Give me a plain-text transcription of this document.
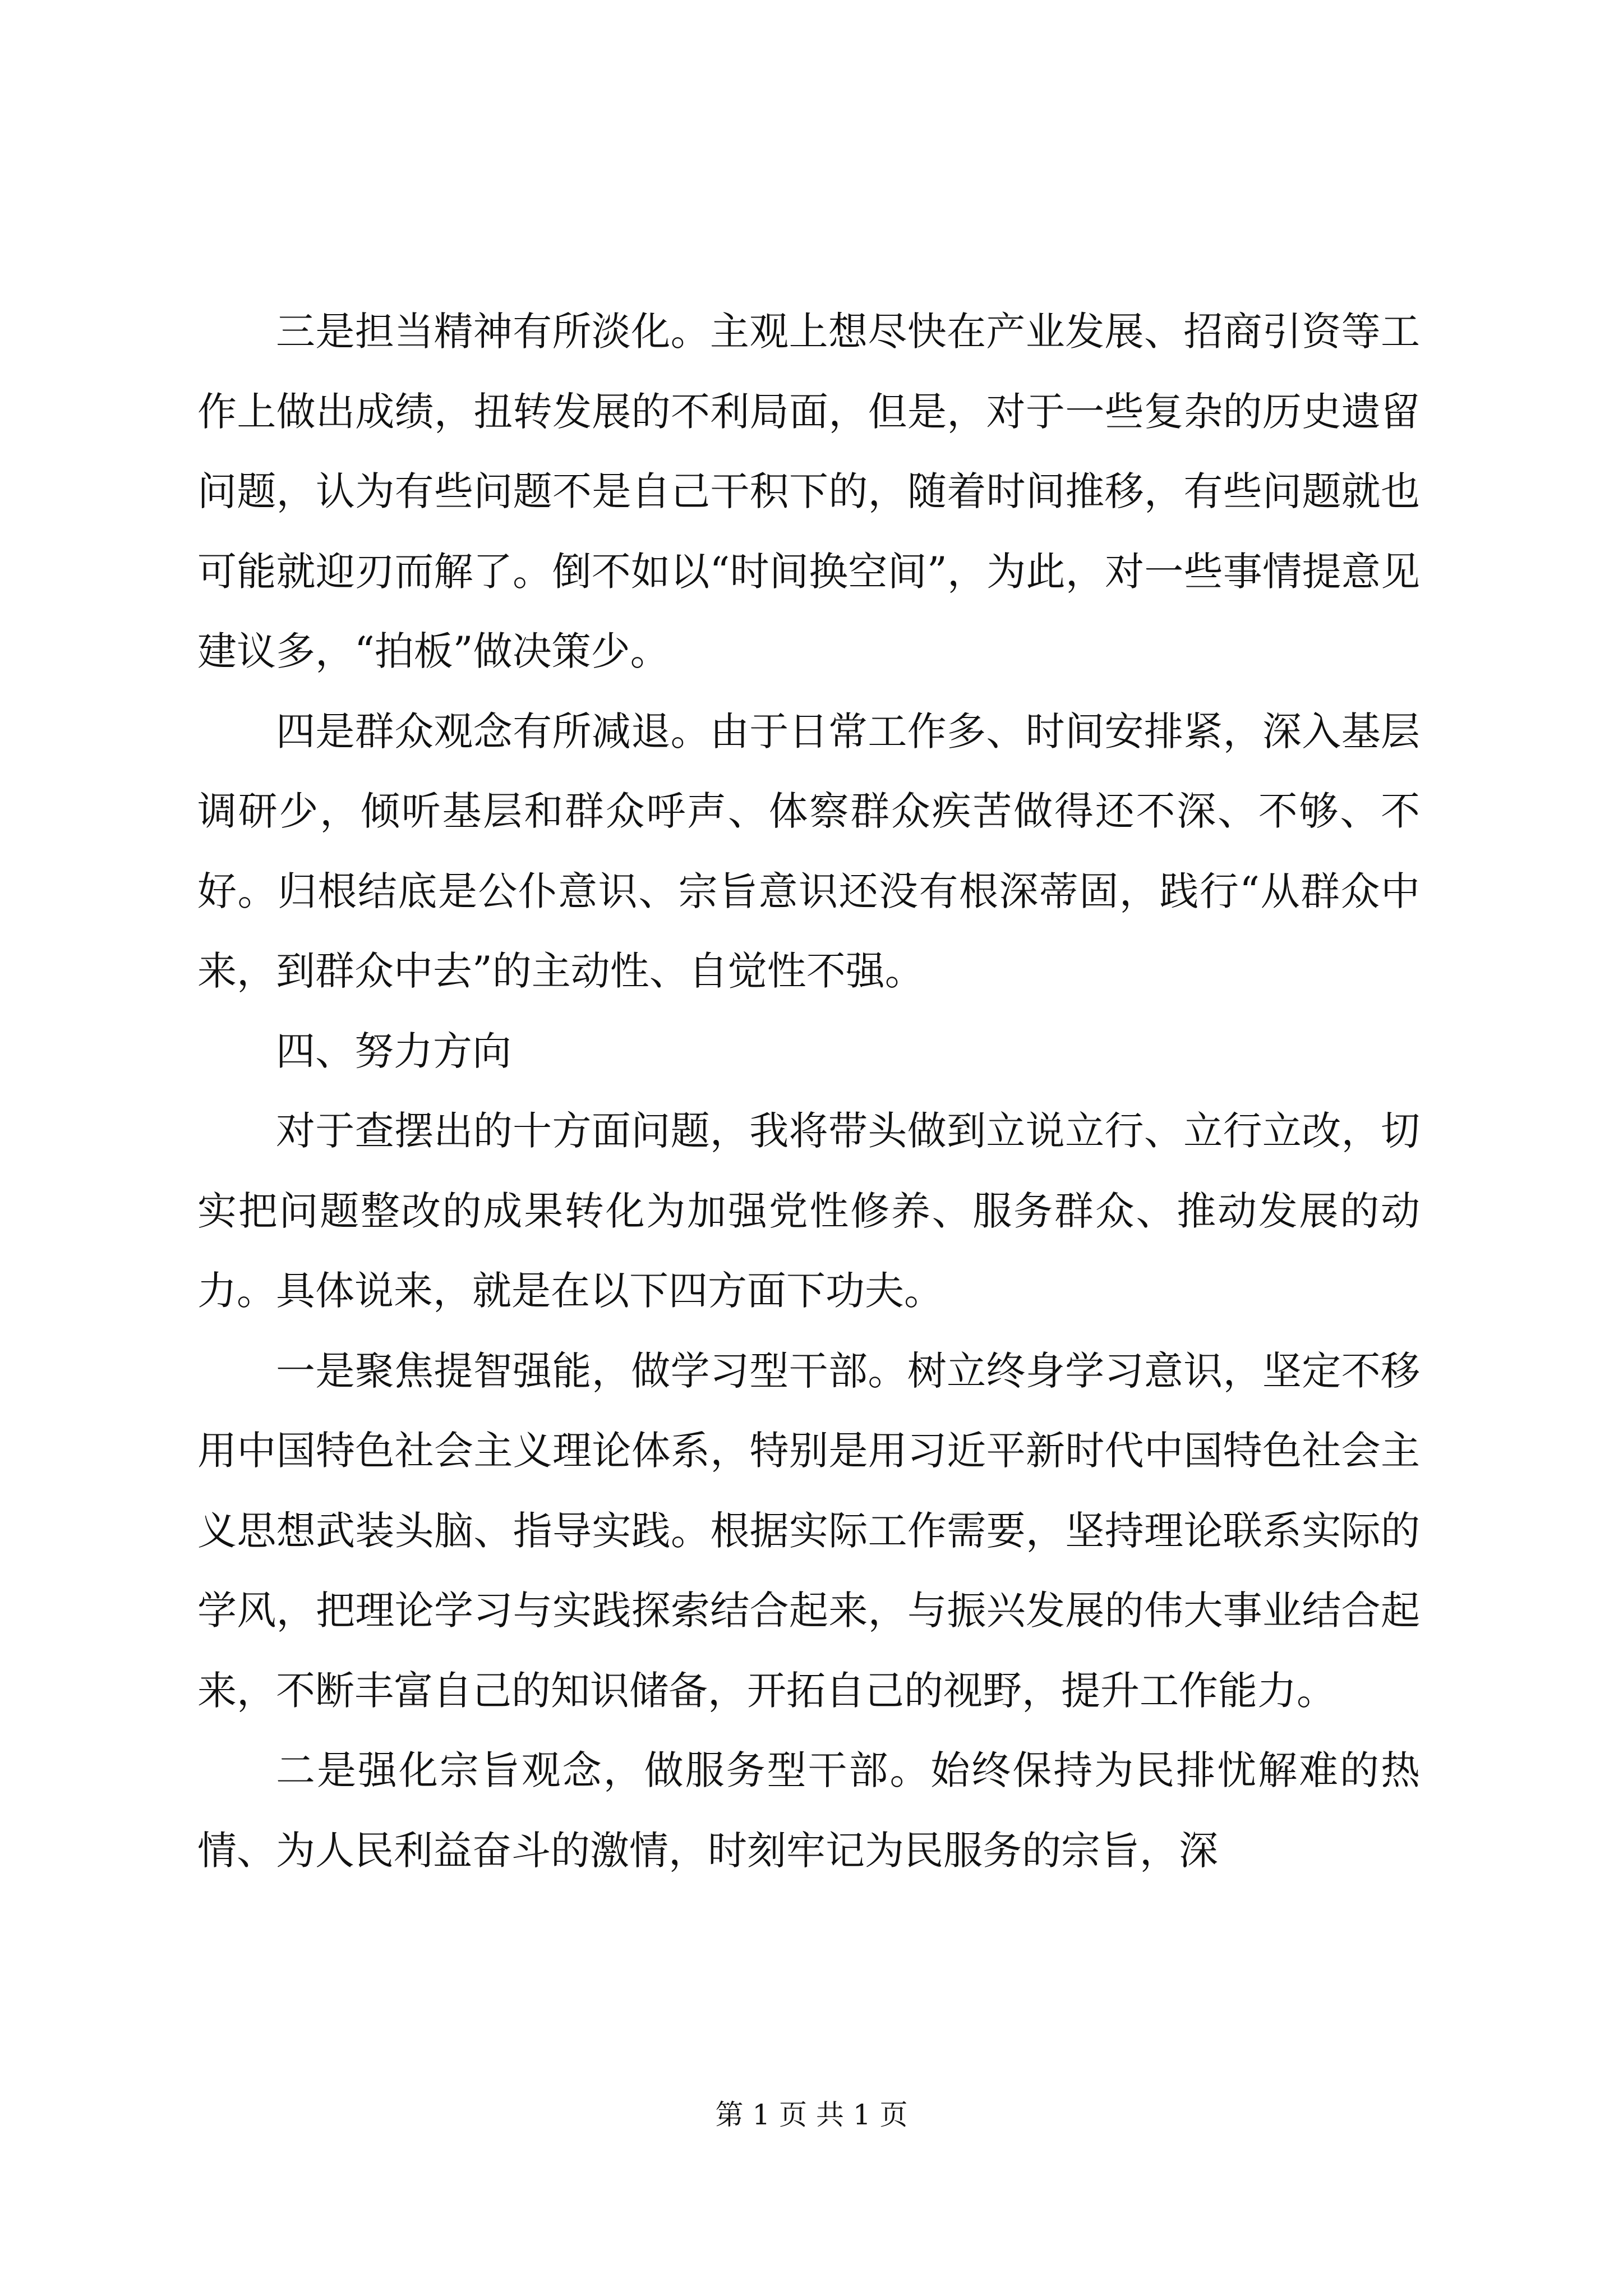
三是担当精神有所淡化。主观上想尽快在产业发展、招商引资等工作上做出成绩，扭转发展的不利局面，但是，对于一些复杂的历史遗留问题，认为有些问题不是自己干积下的，随着时间推移，有些问题就也可能就迎刃而解了。倒不如以“时间换空间”，为此，对一些事情提意见建议多，“拍板”做决策少。

四是群众观念有所减退。由于日常工作多、时间安排紧，深入基层调研少，倾听基层和群众呼声、体察群众疾苦做得还不深、不够、不好。归根结底是公仆意识、宗旨意识还没有根深蒂固，践行“从群众中来，到群众中去”的主动性、自觉性不强。

四、努力方向

对于查摆出的十方面问题，我将带头做到立说立行、立行立改，切实把问题整改的成果转化为加强党性修养、服务群众、推动发展的动力。具体说来，就是在以下四方面下功夫。

一是聚焦提智强能，做学习型干部。树立终身学习意识，坚定不移用中国特色社会主义理论体系，特别是用习近平新时代中国特色社会主义思想武装头脑、指导实践。根据实际工作需要，坚持理论联系实际的学风，把理论学习与实践探索结合起来，与振兴发展的伟大事业结合起来，不断丰富自己的知识储备，开拓自己的视野，提升工作能力。

二是强化宗旨观念，做服务型干部。始终保持为民排忧解难的热情、为人民利益奋斗的激情，时刻牢记为民服务的宗旨，深

第 1 页 共 1 页
